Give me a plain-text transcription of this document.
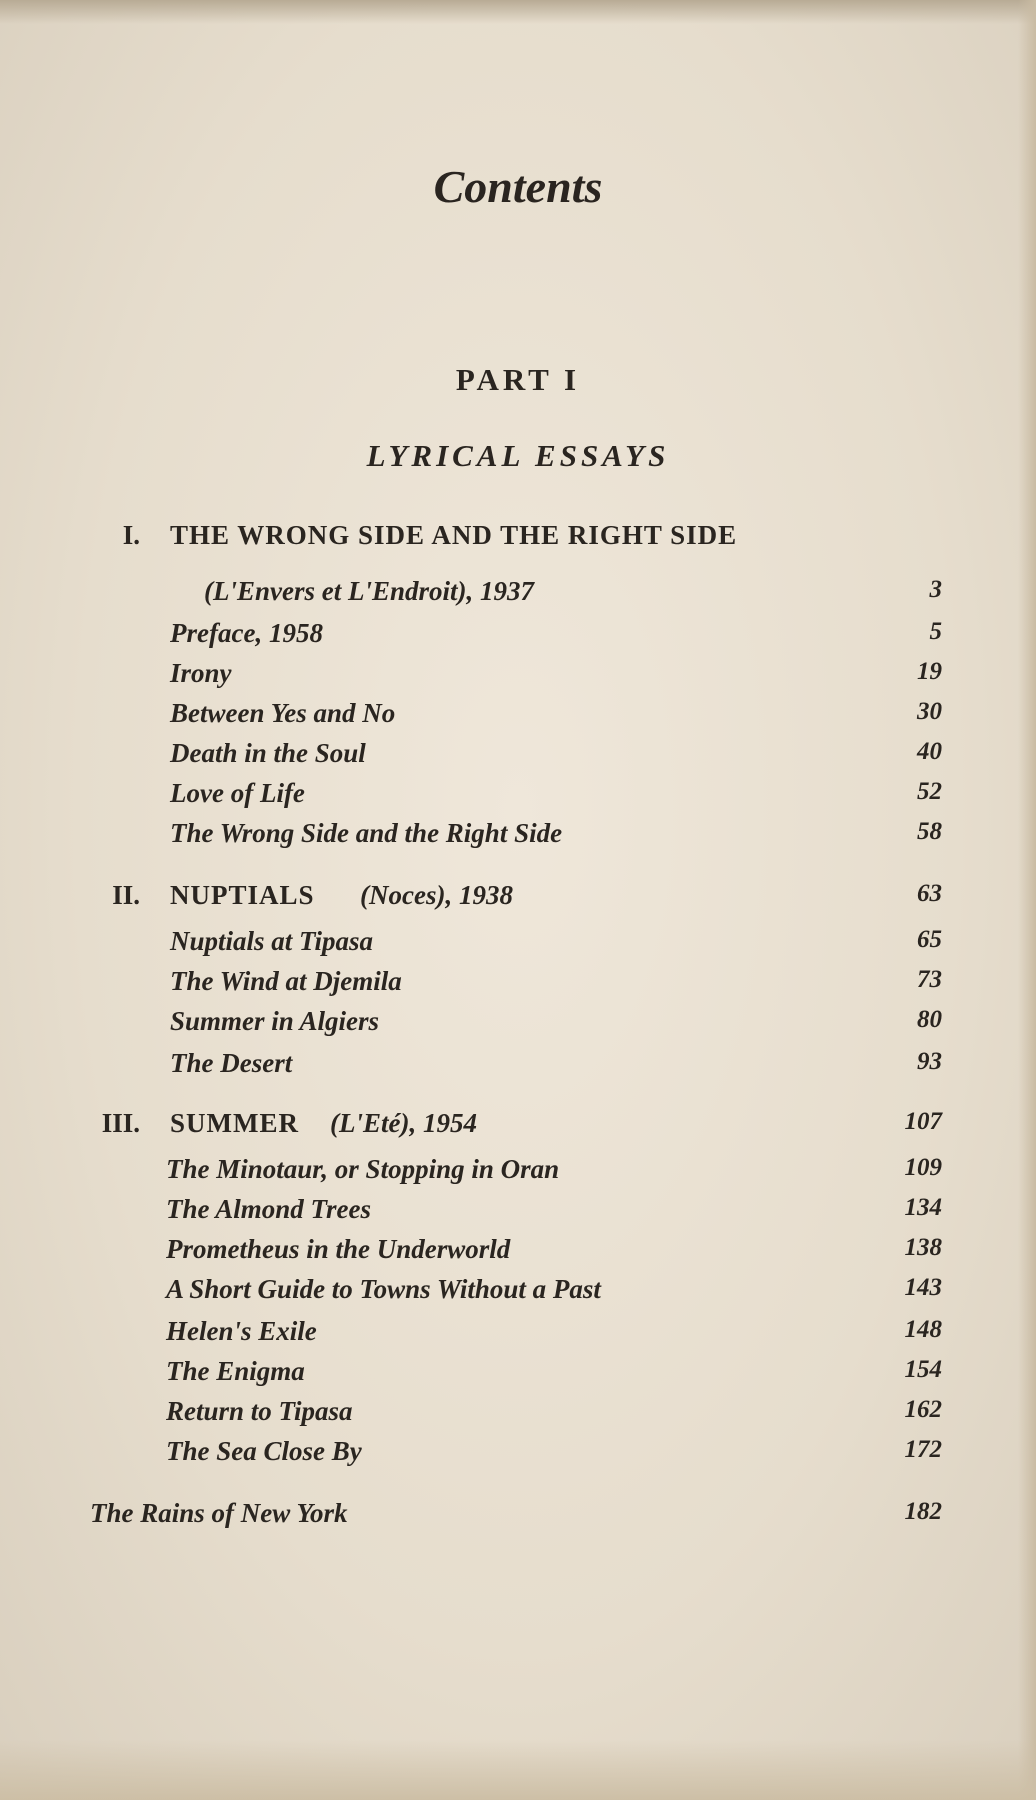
Contents
PART I
LYRICAL ESSAYS
I. THE WRONG SIDE AND THE RIGHT SIDE
(L'Envers et L'Endroit), 1937	3
Preface, 1958	5
Irony	19
Between Yes and No	30
Death in the Soul	40
Love of Life	52
The Wrong Side and the Right Side	58
II. NUPTIALS (Noces), 1938	63
Nuptials at Tipasa	65
The Wind at Djemila	73
Summer in Algiers	80
The Desert	93
III. SUMMER (L'Eté), 1954	107
The Minotaur, or Stopping in Oran	109
The Almond Trees	134
Prometheus in the Underworld	138
A Short Guide to Towns Without a Past	143
Helen's Exile	148
The Enigma	154
Return to Tipasa	162
The Sea Close By	172
The Rains of New York	182
